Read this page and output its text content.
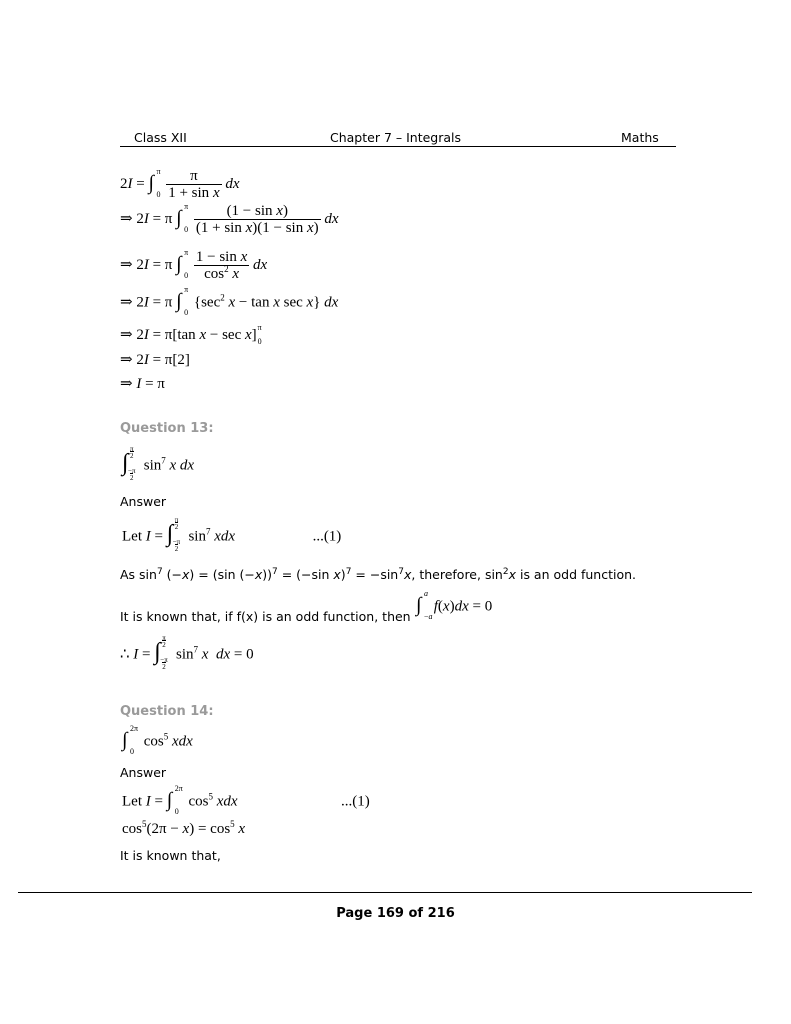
Class XII	Chapter 7 – Integrals	Maths
2I = ∫
π
0
$\frac{\pi}{\text{1 + sin x}}$ dx
⇒ 2I = π ∫
π
0
$\frac{\text{(1 − sin x)}}{\text{(1 + sin x)(1 − sin x)}}$ dx
⇒ 2I = π ∫
π
0
$\frac{\text{1 − sin x}}{\cos^2 x}$ dx
⇒ 2I = π ∫
π
0
{$\sec^2$ x − tan x sec x} dx
⇒ 2I = π[tan x − sec x] π
0
⇒ 2I = π[2]
⇒ I = π
Question 13:
∫
π
2
−π
2
$\sin^7 x$ dx
Answer
Let I = ∫
π
2
−π
2
$\sin^7$ xdx	...(1)
As $\sin^7 (-x) = (\sin$ (−x))$^7$ = (−sin $x)^7 = -\sin^7x$, therefore, $\sin^2x$ is an odd function.
It is known that, if f(x) is an odd function, then
∫
a
−a
f(x)dx = 0
∴ I = ∫
π
2
−π
2
$\sin^7 x$ dx = 0
Question 14:
∫
2π
0
$\cos^5$ xdx
Answer
Let I = ∫
2π
0
$\cos^5$ xdx	...(1)
$\cos^5(2\pi - x) = \cos^5 x$
It is known that,
Page 169 of 216
